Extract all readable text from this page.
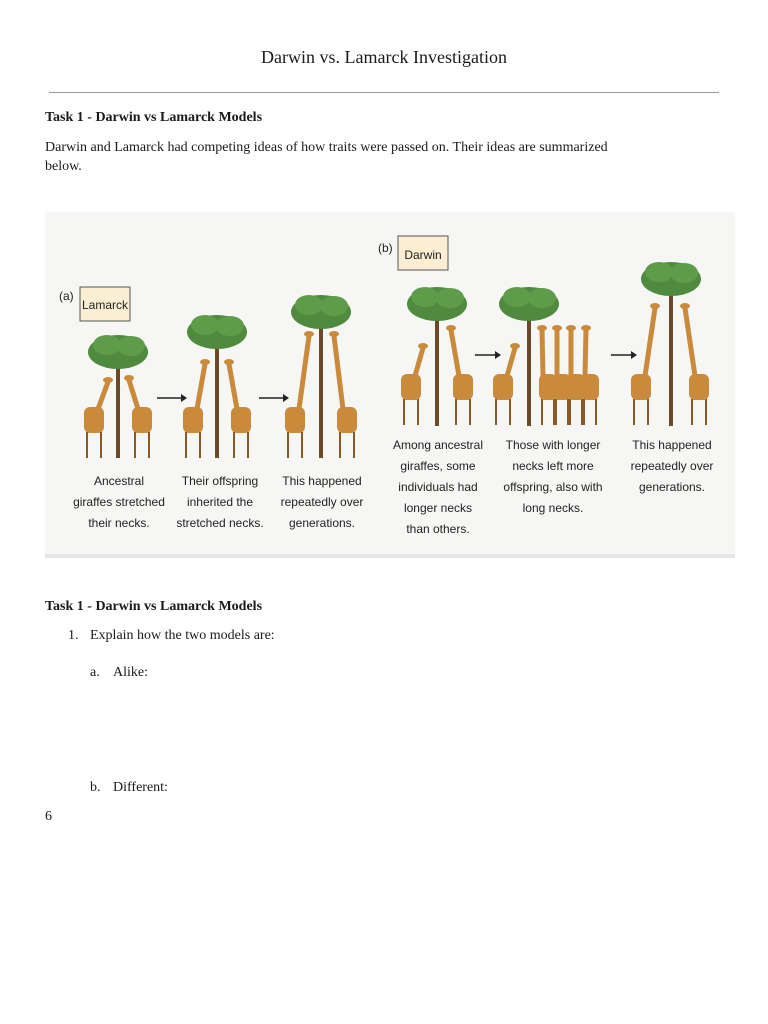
Darwin vs. Lamarck Investigation
Task 1 - Darwin vs Lamarck Models
Darwin and Lamarck had competing ideas of how traits were passed on. Their ideas are summarized
below.
(a)
Lamarck
(b) Darwin
Ancestral
giraffes stretched
their necks.
Their offspring
inherited the
stretched necks.
This happened
repeatedly over
generations.
Among ancestral
giraffes, some
individuals had
longer necks
than others.
Those with longer
necks left more
offspring, also with
long necks.
This happened
repeatedly over
generations.
Task 1 - Darwin vs Lamarck Models
1. Explain how the two models are:
a. Alike:
b. Different:
6
